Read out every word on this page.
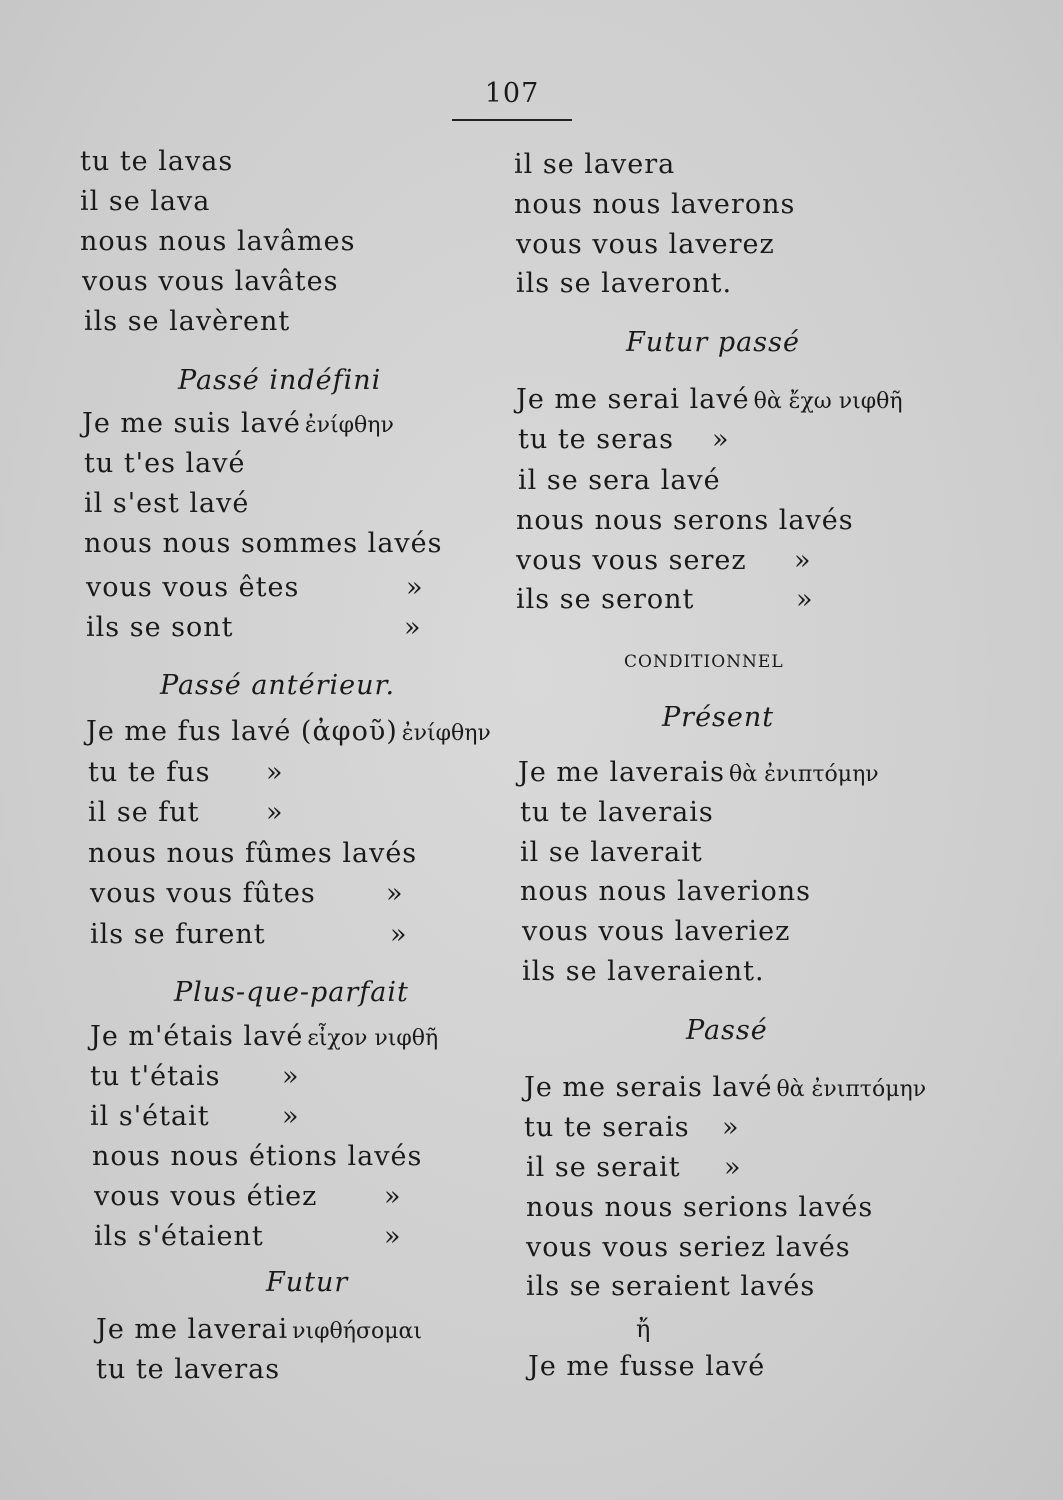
107
tu te lavas
il se lava
nous nous lavâmes
vous vous lavâtes
ils se lavèrent
Passé indéfini
Je me suis lavé ἐνίφθην
tu t'es lavé
il s'est lavé
nous nous sommes lavés
vous vous êtes	»
ils se sont	»
Passé antérieur.
Je me fus lavé (ἀφοῦ) ἐνίφθην
tu te fus »
il se fut »
nous nous fûmes lavés
vous vous fûtes	»
ils se furent	»
Plus-que-parfait
Je m'étais lavé εἶχον νιφθῆ
tu t'étais »
il s'était	»
nous nous étions lavés
vous vous étiez »
ils s'étaient	»
Futur
Je me laverai νιφθήσομαι
tu te laveras
il se lavera
nous nous laverons
vous vous laverez
ils se laveront.
Futur passé
Je me serai lavé θὰ ἔχω νιφθῆ
tu te seras »
il se sera lavé
nous nous serons lavés
vous vous serez »
ils se seront	»
CONDITIONNEL
Présent
Je me laverais θὰ ἐνιπτόμην
tu te laverais
il se laverait
nous nous laverions
vous vous laveriez
ils se laveraient.
Passé
Je me serais lavé θὰ ἐνιπτόμην
tu te serais »
il se serait »
nous nous serions lavés
vous vous seriez lavés
ils se seraient lavés
ἤ
Je me fusse lavé
